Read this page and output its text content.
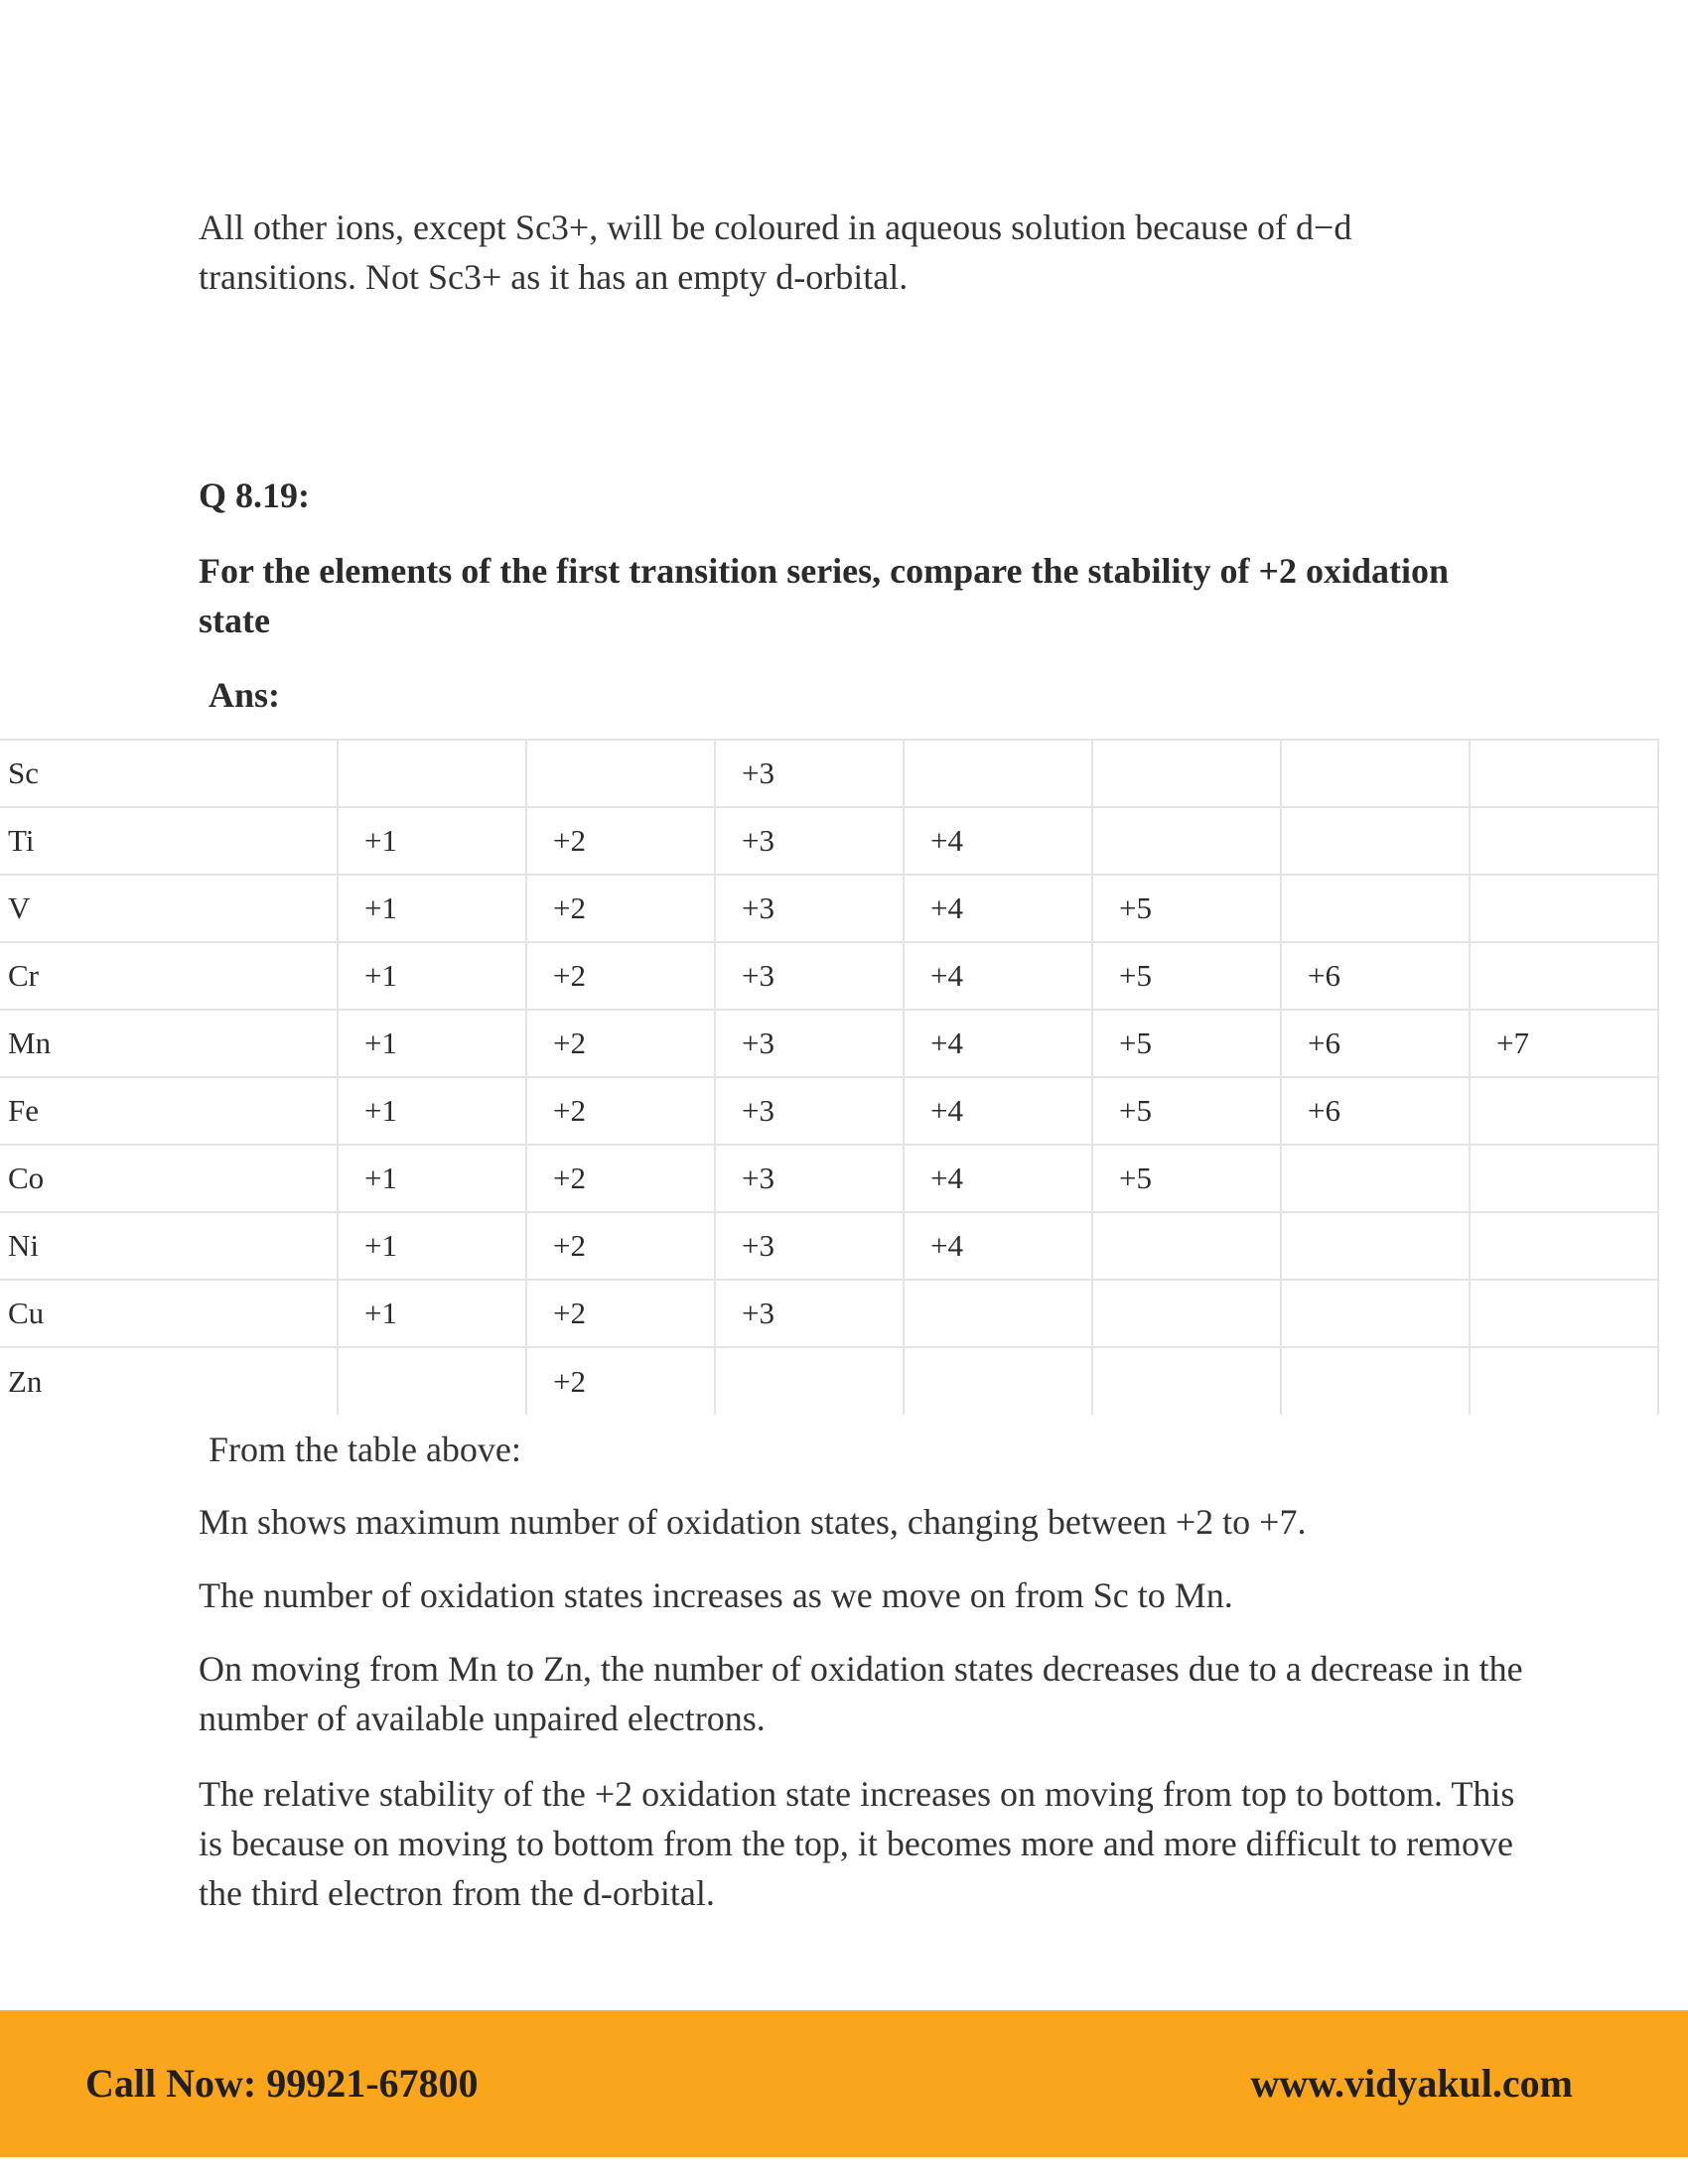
All other ions, except Sc3+, will be coloured in aqueous solution because of d−d transitions. Not Sc3+ as it has an empty d-orbital.

Q 8.19:

For the elements of the first transition series, compare the stability of +2 oxidation state

Ans:

Sc			+3				
Ti	+1	+2	+3	+4			
V	+1	+2	+3	+4	+5		
Cr	+1	+2	+3	+4	+5	+6	
Mn	+1	+2	+3	+4	+5	+6	+7
Fe	+1	+2	+3	+4	+5	+6	
Co	+1	+2	+3	+4	+5		
Ni	+1	+2	+3	+4			
Cu	+1	+2	+3				
Zn		+2					

From the table above:

Mn shows maximum number of oxidation states, changing between +2 to +7.

The number of oxidation states increases as we move on from Sc to Mn.

On moving from Mn to Zn, the number of oxidation states decreases due to a decrease in the number of available unpaired electrons.

The relative stability of the +2 oxidation state increases on moving from top to bottom. This is because on moving to bottom from the top, it becomes more and more difficult to remove the third electron from the d-orbital.

Call Now: 99921-67800	www.vidyakul.com
